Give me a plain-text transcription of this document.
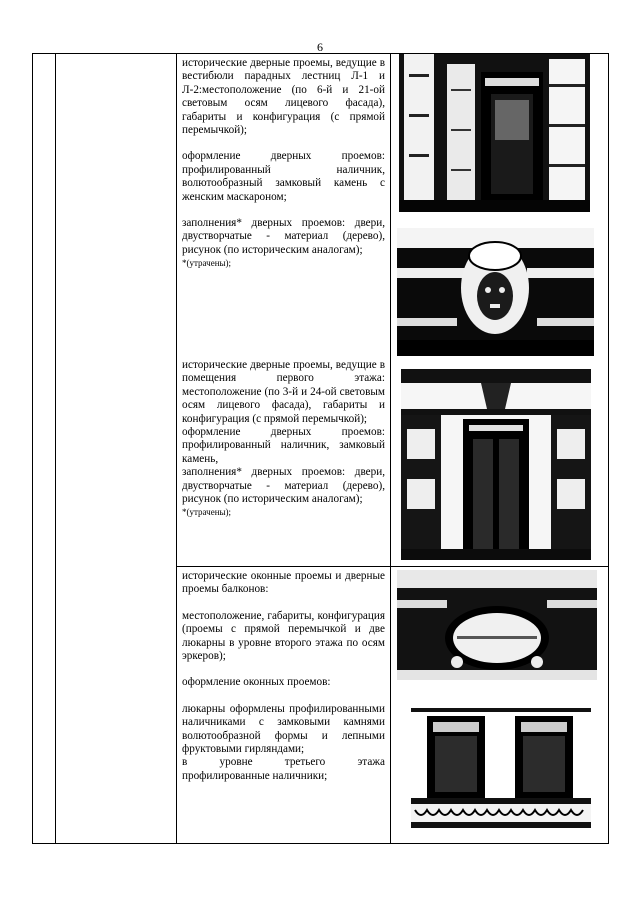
6

исторические дверные проемы, ведущие в вестибюли парадных лестниц Л-1 и Л-2:местоположение (по 6-й и 21-ой световым осям лицевого фасада), габариты и конфигурация (с прямой перемычкой);

оформление дверных проемов: профилированный наличник, волютообразный замковый камень с женским маскароном;

заполнения* дверных проемов: двери, двустворчатые - материал (дерево), рисунок (по историческим аналогам);

*(утрачены);

исторические дверные проемы, ведущие в помещения первого этажа: местоположение (по 3-й и 24-ой световым осям лицевого фасада), габариты и конфигурация (с прямой перемычкой);

оформление дверных проемов: профилированный наличник, замковый камень,

заполнения* дверных проемов: двери, двустворчатые - материал (дерево), рисунок (по историческим аналогам);

*(утрачены);

исторические оконные проемы и дверные проемы балконов:

местоположение, габариты, конфигурация (проемы с прямой перемычкой и две люкарны в уровне второго этажа по осям эркеров);

оформление оконных проемов:

люкарны оформлены профилированными наличниками с замковыми камнями волютообразной формы и лепными фруктовыми гирляндами;

в уровне третьего этажа профилированные наличники;
